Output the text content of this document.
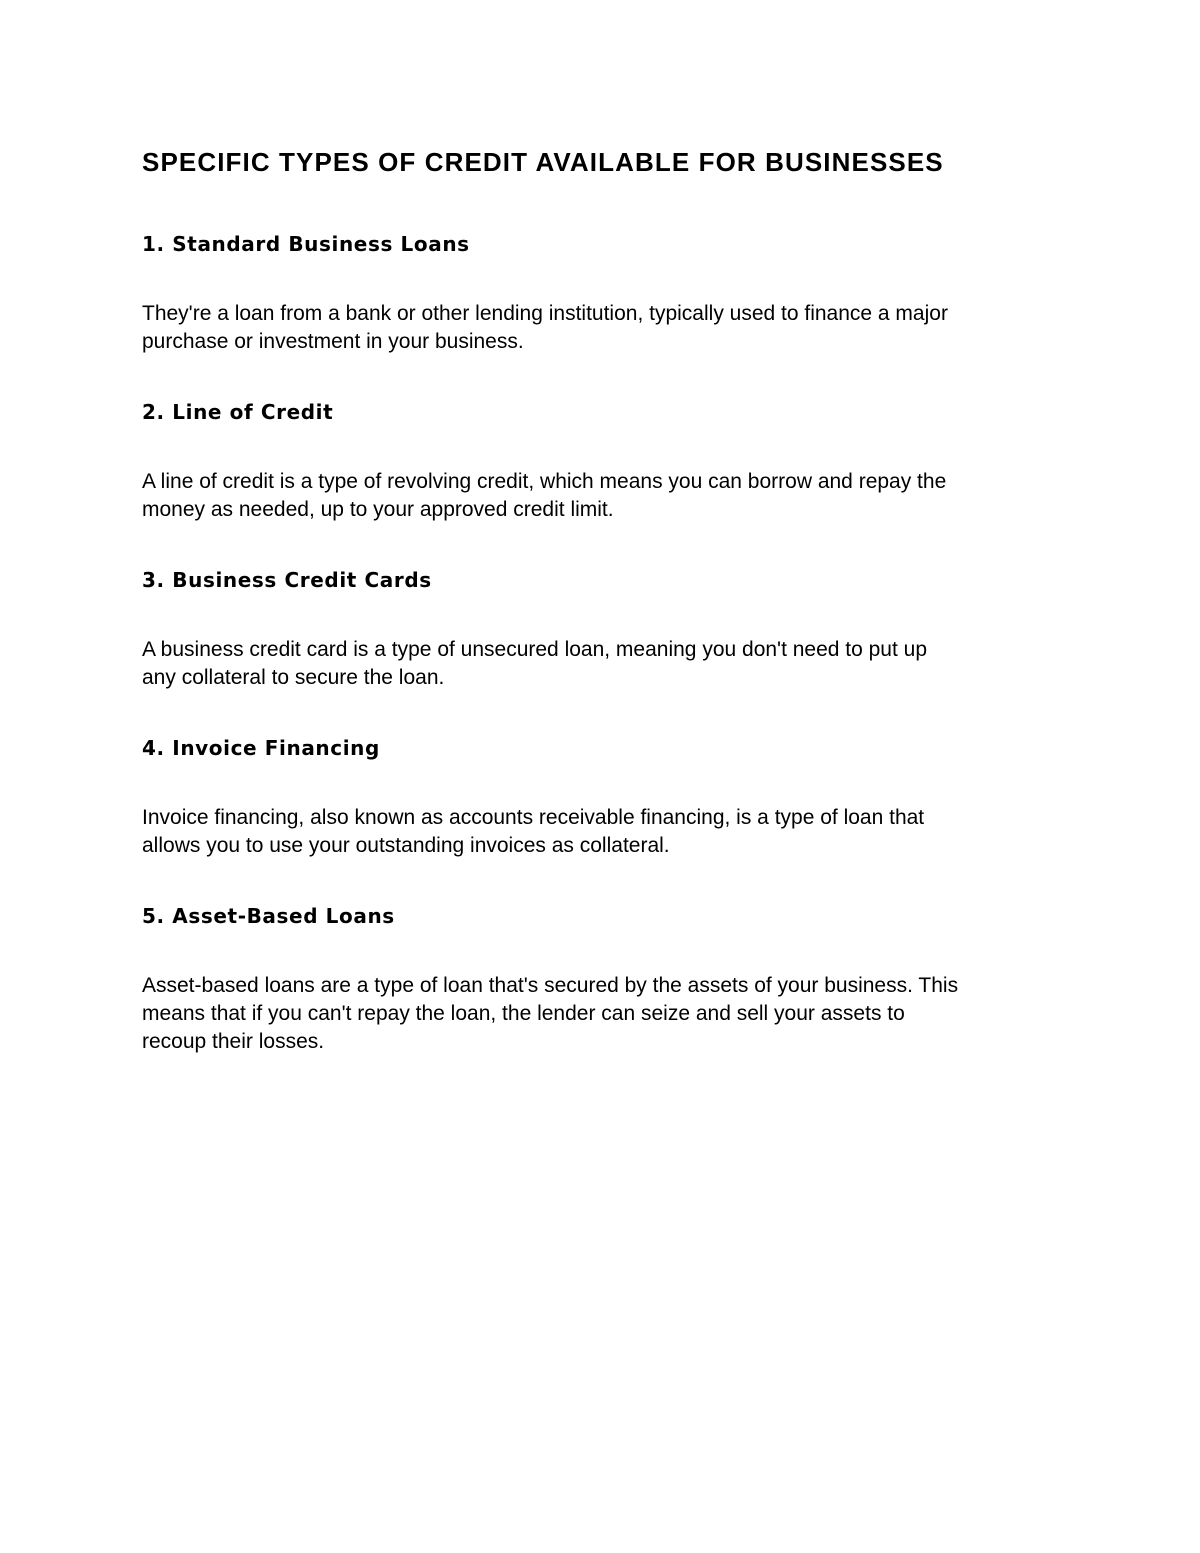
SPECIFIC TYPES OF CREDIT AVAILABLE FOR BUSINESSES
1. Standard Business Loans

They're a loan from a bank or other lending institution, typically used to finance a major
purchase or investment in your business.

2. Line of Credit

A line of credit is a type of revolving credit, which means you can borrow and repay the
money as needed, up to your approved credit limit.

3. Business Credit Cards

A business credit card is a type of unsecured loan, meaning you don't need to put up
any collateral to secure the loan.

4. Invoice Financing

Invoice financing, also known as accounts receivable financing, is a type of loan that
allows you to use your outstanding invoices as collateral.

5. Asset-Based Loans

Asset-based loans are a type of loan that's secured by the assets of your business. This
means that if you can't repay the loan, the lender can seize and sell your assets to
recoup their losses.
